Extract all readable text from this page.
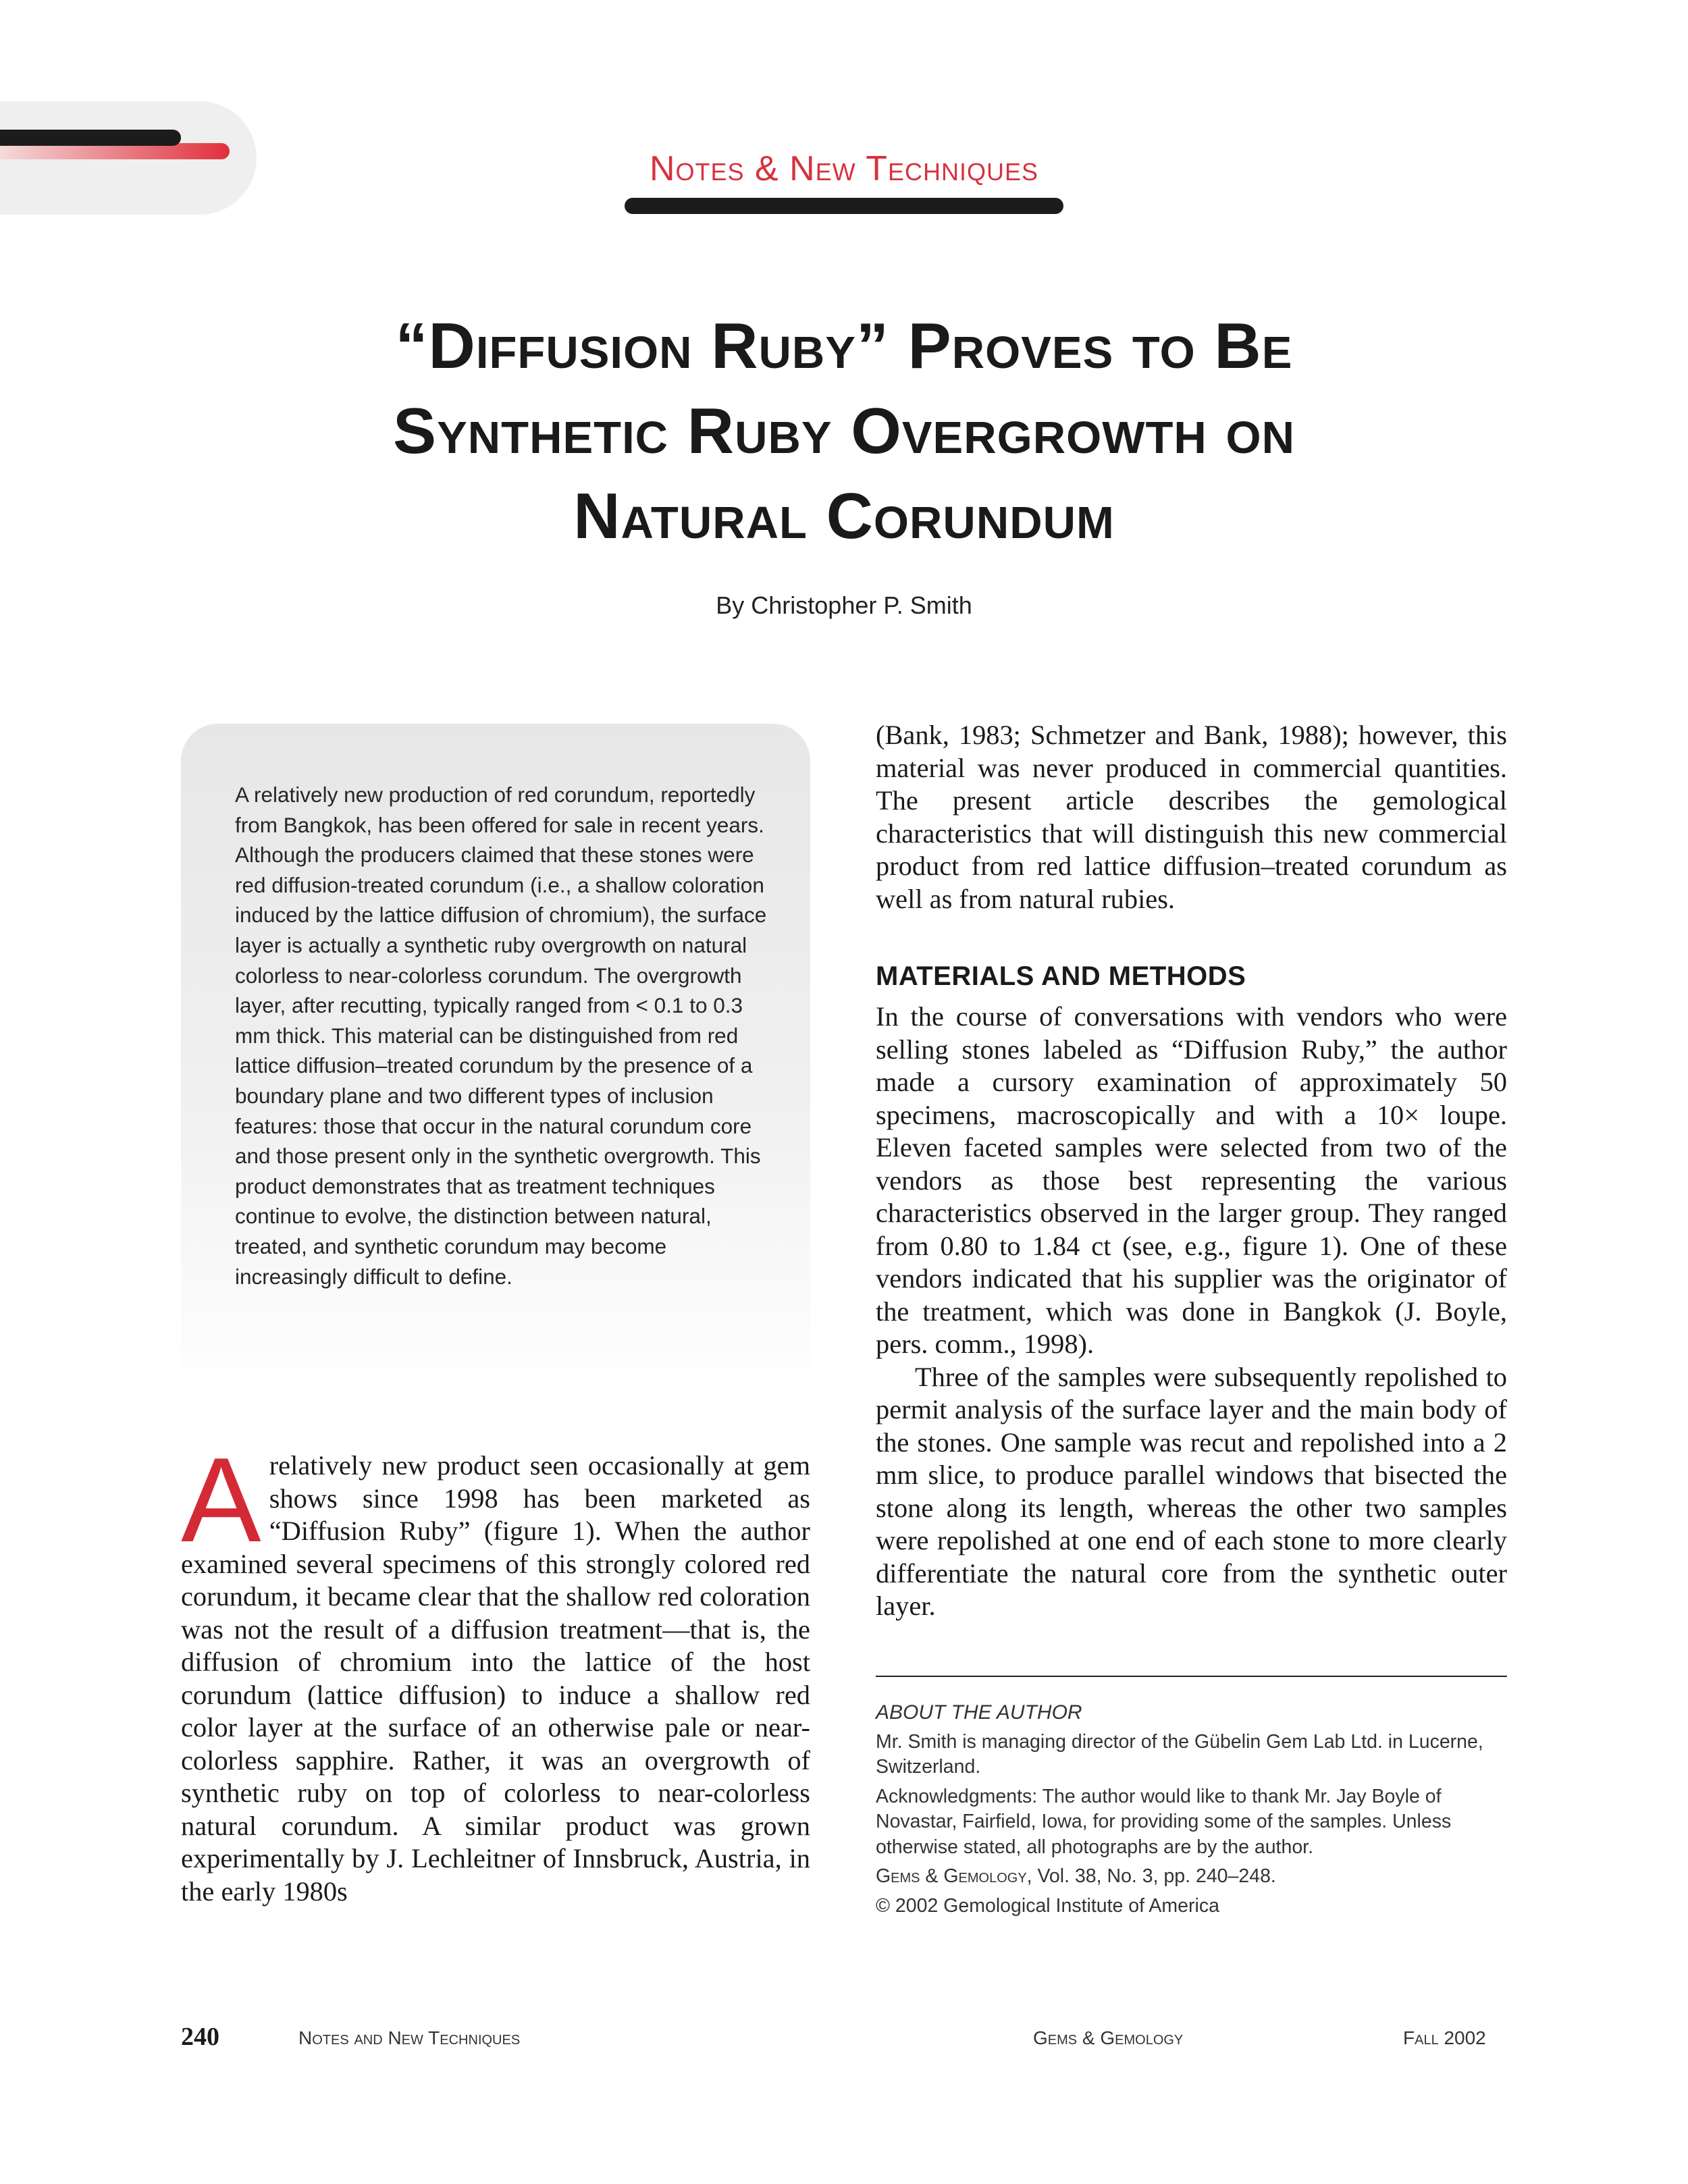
Notes & New Techniques
“Diffusion Ruby” Proves to Be
Synthetic Ruby Overgrowth on
Natural Corundum
By Christopher P. Smith

A relatively new production of red corundum, reportedly from Bangkok, has been offered for sale in recent years. Although the producers claimed that these stones were red diffusion-treated corundum (i.e., a shallow coloration induced by the lattice diffusion of chromium), the surface layer is actually a synthetic ruby overgrowth on natural colorless to near-colorless corundum. The overgrowth layer, after recutting, typically ranged from < 0.1 to 0.3 mm thick. This material can be distinguished from red lattice diffusion–treated corundum by the presence of a boundary plane and two different types of inclusion features: those that occur in the natural corundum core and those present only in the synthetic overgrowth. This product demonstrates that as treatment techniques continue to evolve, the distinction between natural, treated, and synthetic corundum may become increasingly difficult to define.

A relatively new product seen occasionally at gem shows since 1998 has been marketed as “Diffusion Ruby” (figure 1). When the author examined several specimens of this strongly colored red corundum, it became clear that the shallow red coloration was not the result of a diffusion treatment—that is, the diffusion of chromium into the lattice of the host corundum (lattice diffusion) to induce a shallow red color layer at the surface of an otherwise pale or near-colorless sapphire. Rather, it was an overgrowth of synthetic ruby on top of colorless to near-colorless natural corundum. A similar product was grown experimentally by J. Lechleitner of Innsbruck, Austria, in the early 1980s

(Bank, 1983; Schmetzer and Bank, 1988); however, this material was never produced in commercial quantities. The present article describes the gemological characteristics that will distinguish this new commercial product from red lattice diffusion–treated corundum as well as from natural rubies.

MATERIALS AND METHODS

In the course of conversations with vendors who were selling stones labeled as “Diffusion Ruby,” the author made a cursory examination of approximately 50 specimens, macroscopically and with a 10× loupe. Eleven faceted samples were selected from two of the vendors as those best representing the various characteristics observed in the larger group. They ranged from 0.80 to 1.84 ct (see, e.g., figure 1). One of these vendors indicated that his supplier was the originator of the treatment, which was done in Bangkok (J. Boyle, pers. comm., 1998).

Three of the samples were subsequently repolished to permit analysis of the surface layer and the main body of the stones. One sample was recut and repolished into a 2 mm slice, to produce parallel windows that bisected the stone along its length, whereas the other two samples were repolished at one end of each stone to more clearly differentiate the natural core from the synthetic outer layer.

ABOUT THE AUTHOR

Mr. Smith is managing director of the Gübelin Gem Lab Ltd. in Lucerne, Switzerland.

Acknowledgments: The author would like to thank Mr. Jay Boyle of Novastar, Fairfield, Iowa, for providing some of the samples. Unless otherwise stated, all photographs are by the author.

Gems & Gemology, Vol. 38, No. 3, pp. 240–248.

© 2002 Gemological Institute of America

240	Notes and New Techniques	Gems & Gemology	Fall 2002
